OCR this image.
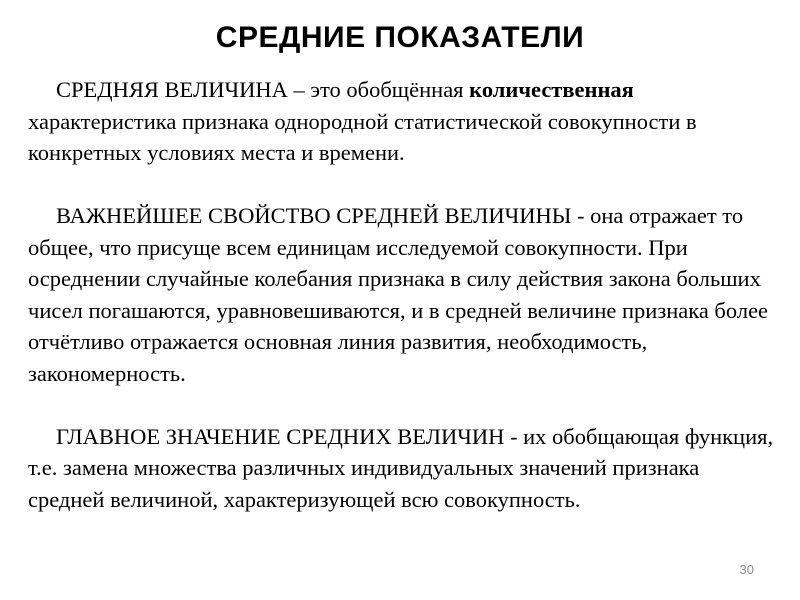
СРЕДНИЕ ПОКАЗАТЕЛИ

СРЕДНЯЯ ВЕЛИЧИНА – это обобщённая количественная характеристика признака однородной статистической совокупности в конкретных условиях места и времени.

ВАЖНЕЙШЕЕ СВОЙСТВО СРЕДНЕЙ ВЕЛИЧИНЫ - она отражает то общее, что присуще всем единицам исследуемой совокупности. При осреднении случайные колебания признака в силу действия закона больших чисел погашаются, уравновешиваются, и в средней величине признака более отчётливо отражается основная линия развития, необходимость, закономерность.

ГЛАВНОЕ ЗНАЧЕНИЕ СРЕДНИХ ВЕЛИЧИН - их обобщающая функция, т.е. замена множества различных индивидуальных значений признака средней величиной, характеризующей всю совокупность.

30
